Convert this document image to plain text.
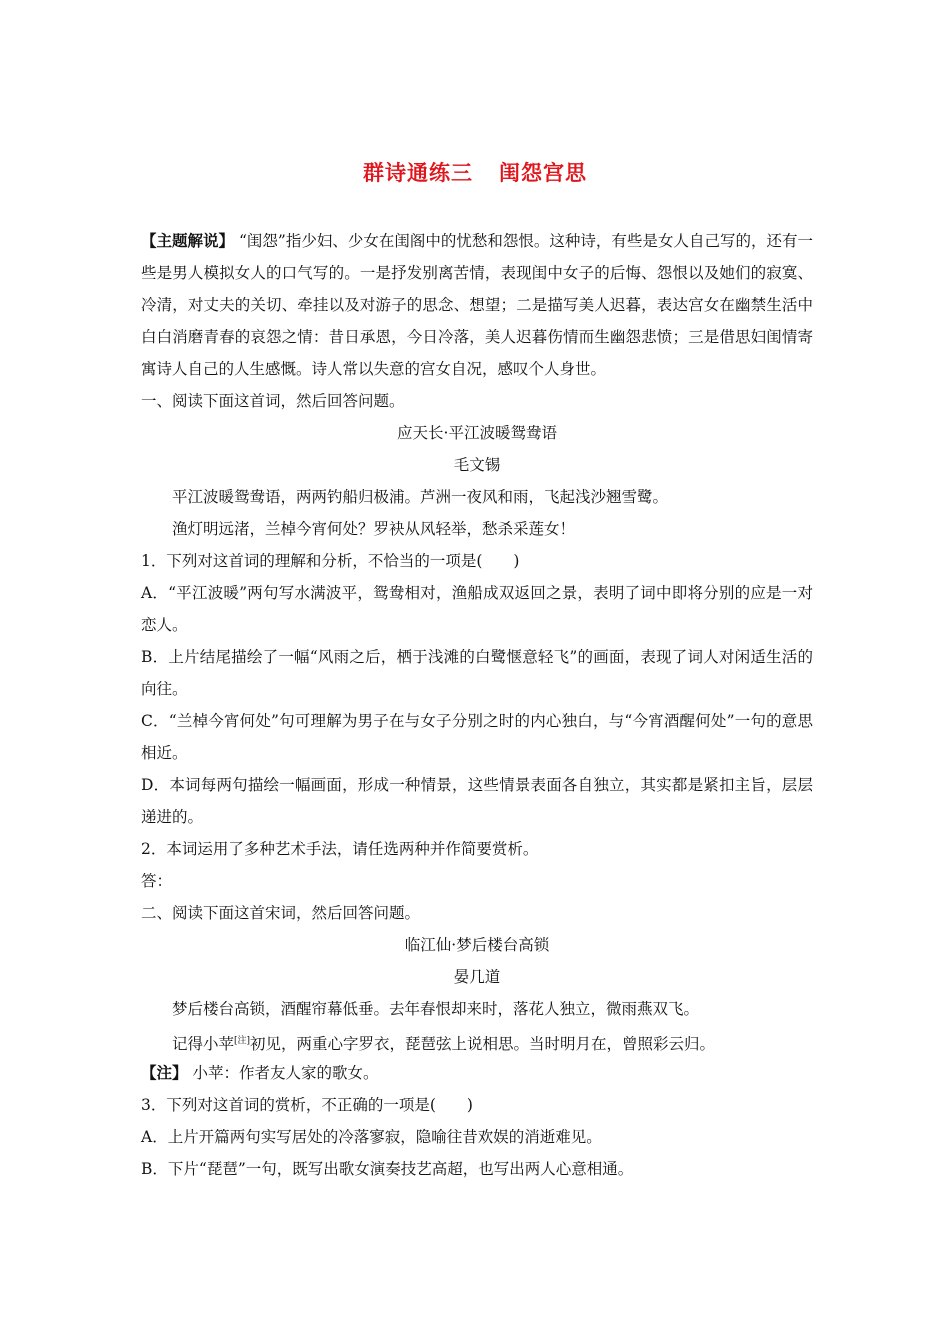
群诗通练三 闺怨宫思

【主题解说】 “闺怨”指少妇、少女在闺阁中的忧愁和怨恨。这种诗，有些是女人自己写的，还有一些是男人模拟女人的口气写的。一是抒发别离苦情，表现闺中女子的后悔、怨恨以及她们的寂寞、冷清，对丈夫的关切、牵挂以及对游子的思念、想望；二是描写美人迟暮，表达宫女在幽禁生活中白白消磨青春的哀怨之情：昔日承恩，今日冷落，美人迟暮伤情而生幽怨悲愤；三是借思妇闺情寄寓诗人自己的人生感慨。诗人常以失意的宫女自况，感叹个人身世。

一、阅读下面这首词，然后回答问题。
应天长·平江波暖鸳鸯语
毛文锡
平江波暖鸳鸯语，两两钓船归极浦。芦洲一夜风和雨，飞起浅沙翘雪鹭。
渔灯明远渚，兰棹今宵何处？罗袂从风轻举，愁杀采莲女！
1．下列对这首词的理解和分析，不恰当的一项是(　　)

A．“平江波暖”两句写水满波平，鸳鸯相对，渔船成双返回之景，表明了词中即将分别的应是一对恋人。

B．上片结尾描绘了一幅“风雨之后，栖于浅滩的白鹭惬意轻飞”的画面，表现了词人对闲适生活的向往。

C．“兰棹今宵何处”句可理解为男子在与女子分别之时的内心独白，与“今宵酒醒何处”一句的意思相近。

D．本词每两句描绘一幅画面，形成一种情景，这些情景表面各自独立，其实都是紧扣主旨，层层递进的。

2．本词运用了多种艺术手法，请任选两种并作简要赏析。
答：
二、阅读下面这首宋词，然后回答问题。
临江仙·梦后楼台高锁
晏几道
梦后楼台高锁，酒醒帘幕低垂。去年春恨却来时，落花人独立，微雨燕双飞。
记得小苹[注]初见，两重心字罗衣，琵琶弦上说相思。当时明月在，曾照彩云归。
【注】 小苹：作者友人家的歌女。
3．下列对这首词的赏析，不正确的一项是(　　)
A．上片开篇两句实写居处的冷落寥寂，隐喻往昔欢娱的消逝难见。
B．下片“琵琶”一句，既写出歌女演奏技艺高超，也写出两人心意相通。
